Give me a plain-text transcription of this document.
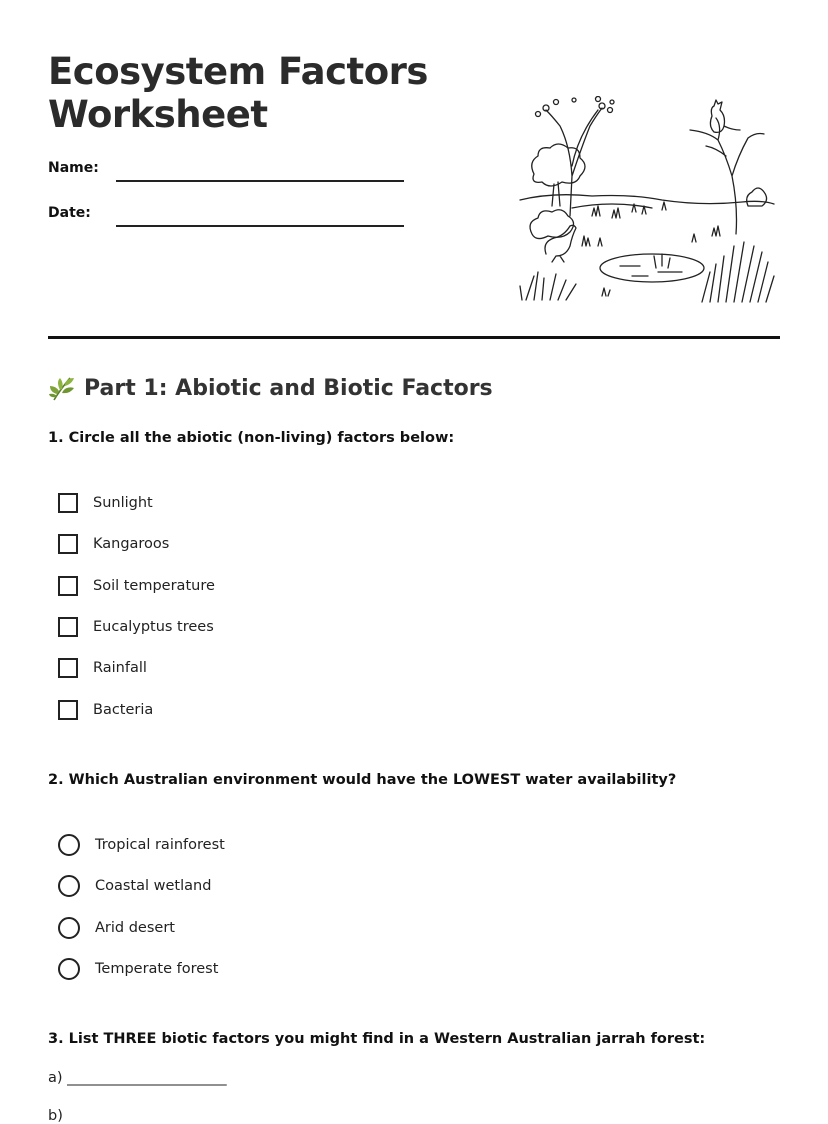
Ecosystem Factors
Worksheet
Name:
Date:
Part 1: Abiotic and Biotic Factors

1. Circle all the abiotic (non-living) factors below:

Sunlight
Kangaroos
Soil temperature
Eucalyptus trees
Rainfall
Bacteria

2. Which Australian environment would have the LOWEST water availability?

Tropical rainforest
Coastal wetland
Arid desert
Temperate forest

3. List THREE biotic factors you might find in a Western Australian jarrah forest:

a) ______________________
b)
